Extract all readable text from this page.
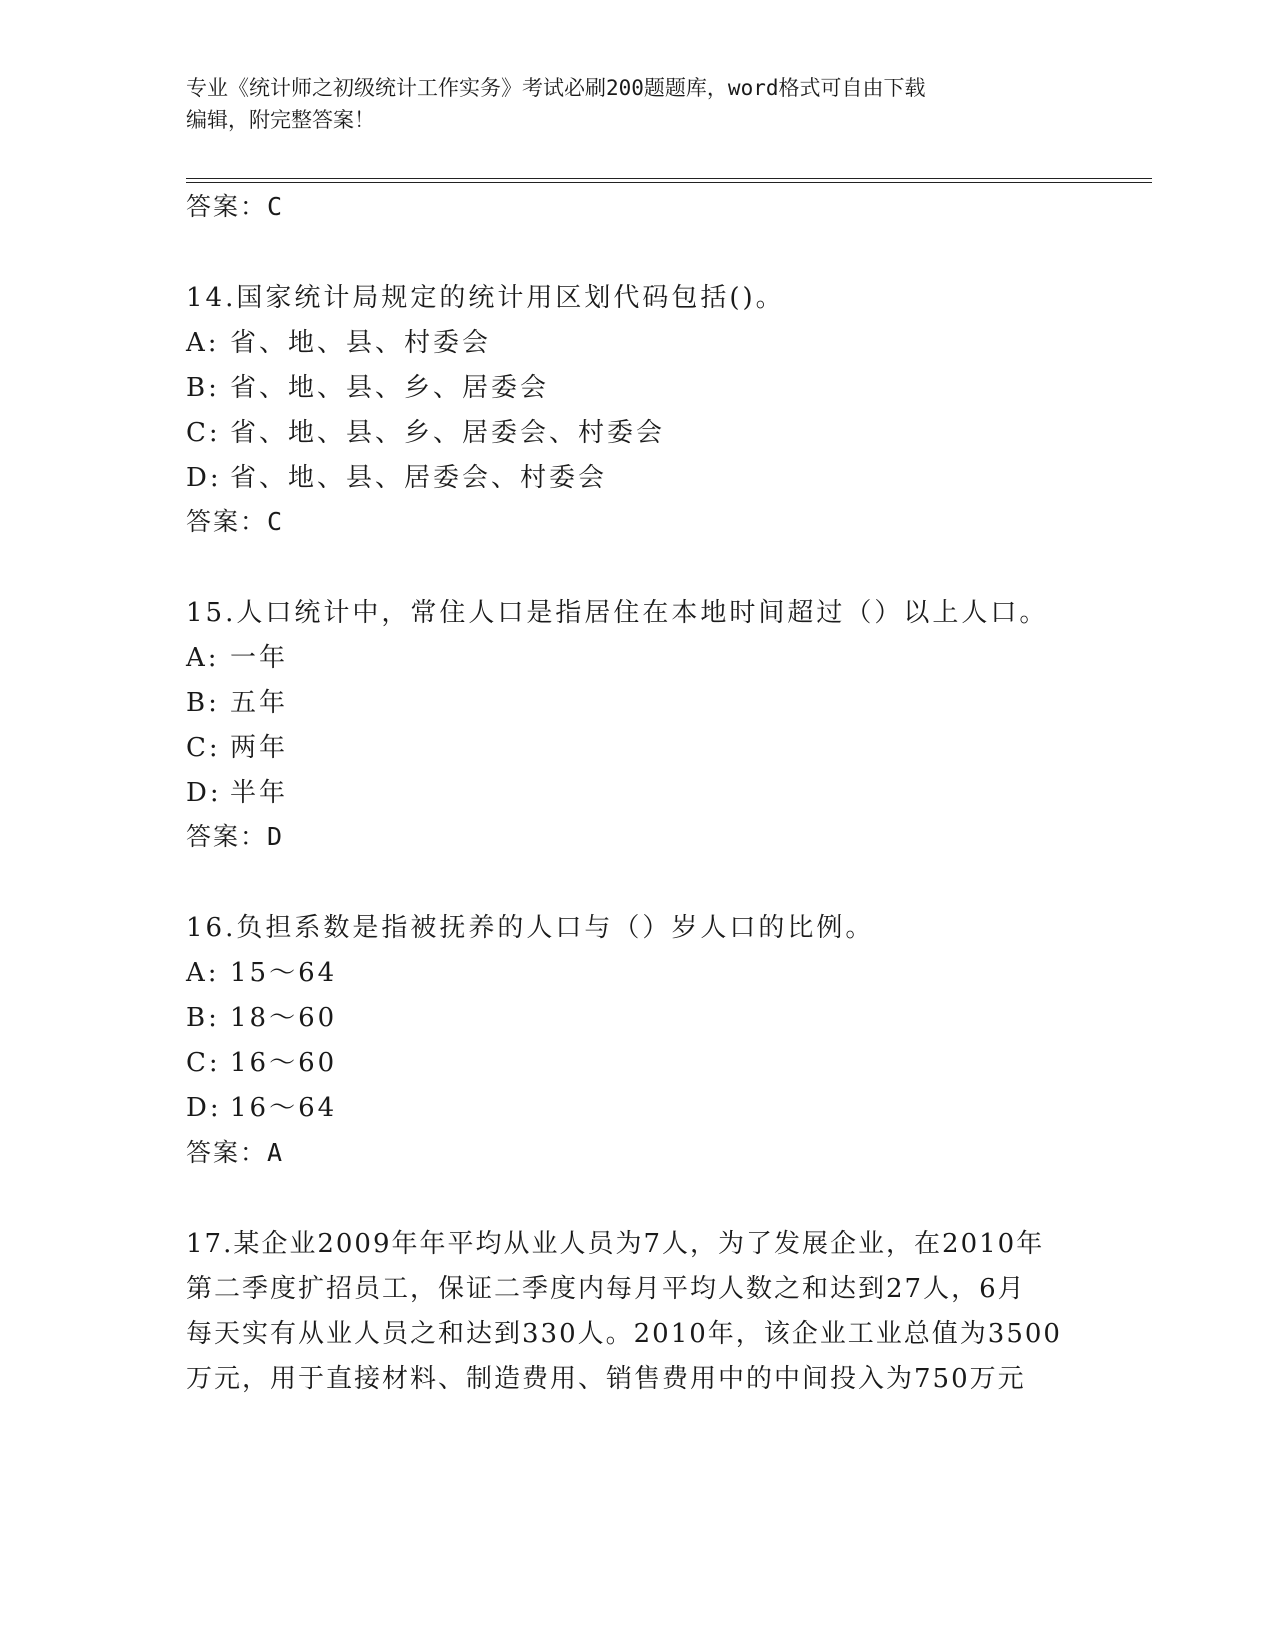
专业《统计师之初级统计工作实务》考试必刷200题题库，word格式可自由下载
编辑，附完整答案！
答案：C
14.国家统计局规定的统计用区划代码包括()。
A: 省、地、县、村委会
B: 省、地、县、乡、居委会
C: 省、地、县、乡、居委会、村委会
D: 省、地、县、居委会、村委会
答案：C
15.人口统计中，常住人口是指居住在本地时间超过（）以上人口。
A: 一年
B: 五年
C: 两年
D: 半年
答案：D
16.负担系数是指被抚养的人口与（）岁人口的比例。
A: 15～64
B: 18～60
C: 16～60
D: 16～64
答案：A
17.某企业2009年年平均从业人员为7人，为了发展企业，在2010年
第二季度扩招员工，保证二季度内每月平均人数之和达到27人，6月
每天实有从业人员之和达到330人。2010年，该企业工业总值为3500
万元，用于直接材料、制造费用、销售费用中的中间投入为750万元
